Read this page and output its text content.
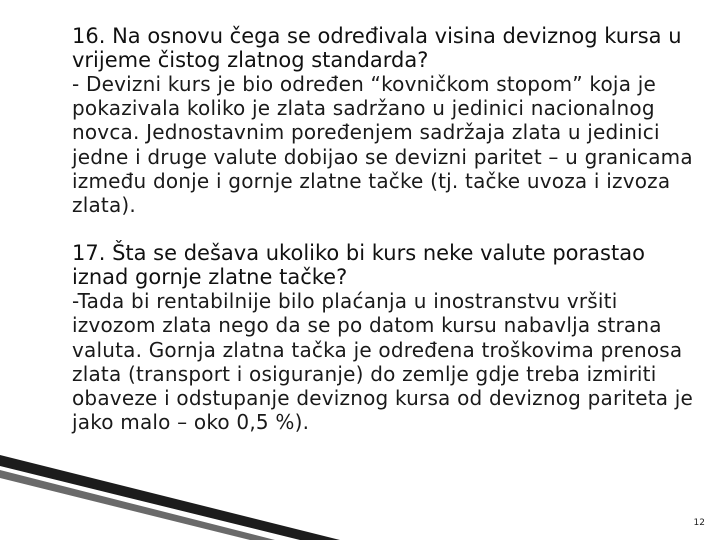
16. Na osnovu čega se određivala visina deviznog kursa u vrijeme čistog zlatnog standarda?

- Devizni kurs je bio određen “kovničkom stopom” koja je pokazivala koliko je zlata sadržano u jedinici nacionalnog novca. Jednostavnim poređenjem sadržaja zlata u jedinici jedne i druge valute dobijao se devizni paritet – u granicama između donje i gornje zlatne tačke (tj. tačke uvoza i izvoza zlata).

17. Šta se dešava ukoliko bi kurs neke valute porastao iznad gornje zlatne tačke?

-Tada bi rentabilnije bilo plaćanja u inostranstvu vršiti izvozom zlata nego da se po datom kursu nabavlja strana valuta. Gornja zlatna tačka je određena troškovima prenosa zlata (transport i osiguranje) do zemlje gdje treba izmiriti obaveze i odstupanje deviznog kursa od deviznog pariteta je jako malo – oko 0,5 %).

12
